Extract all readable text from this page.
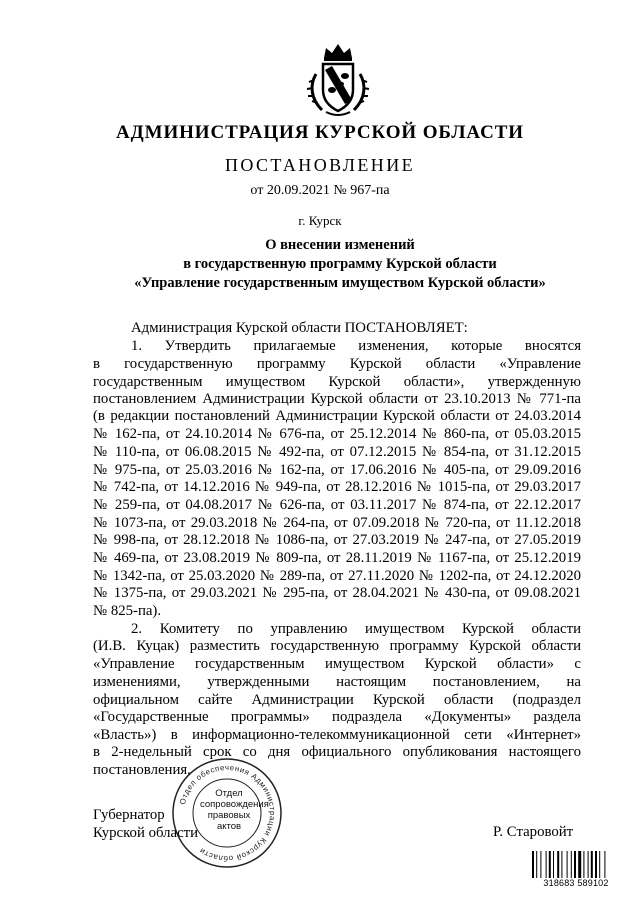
АДМИНИСТРАЦИЯ КУРСКОЙ ОБЛАСТИ
ПОСТАНОВЛЕНИЕ
от 20.09.2021 № 967-па
г. Курск
О внесении изменений
в государственную программу Курской области
«Управление государственным имуществом Курской области»
Администрация Курской области ПОСТАНОВЛЯЕТ:
1. Утвердить прилагаемые изменения, которые вносятся
в государственную программу Курской области «Управление
государственным имуществом Курской области», утвержденную
постановлением Администрации Курской области от 23.10.2013 № 771-па
(в редакции постановлений Администрации Курской области от 24.03.2014
№ 162-па, от 24.10.2014 № 676-па, от 25.12.2014 № 860-па, от 05.03.2015
№ 110-па, от 06.08.2015 № 492-па, от 07.12.2015 № 854-па, от 31.12.2015
№ 975-па, от 25.03.2016 № 162-па, от 17.06.2016 № 405-па, от 29.09.2016
№ 742-па, от 14.12.2016 № 949-па, от 28.12.2016 № 1015-па, от 29.03.2017
№ 259-па, от 04.08.2017 № 626-па, от 03.11.2017 № 874-па, от 22.12.2017
№ 1073-па, от 29.03.2018 № 264-па, от 07.09.2018 № 720-па, от 11.12.2018
№ 998-па, от 28.12.2018 № 1086-па, от 27.03.2019 № 247-па, от 27.05.2019
№ 469-па, от 23.08.2019 № 809-па, от 28.11.2019 № 1167-па, от 25.12.2019
№ 1342-па, от 25.03.2020 № 289-па, от 27.11.2020 № 1202-па, от 24.12.2020
№ 1375-па, от 29.03.2021 № 295-па, от 28.04.2021 № 430-па, от 09.08.2021
№ 825-па).
2. Комитету по управлению имуществом Курской области
(И.В. Куцак) разместить государственную программу Курской области
«Управление государственным имуществом Курской области» с
изменениями, утвержденными настоящим постановлением, на
официальном сайте Администрации Курской области (подраздел
«Государственные программы» подраздела «Документы» раздела
«Власть») в информационно-телекоммуникационной сети «Интернет»
в 2-недельный срок со дня официального опубликования настоящего
постановления.
Губернатор
Курской области	Р. Старовойт
Отдел обеспечения Администрации Курской области
Отдел
сопровождения
правовых
актов
318683 589102
